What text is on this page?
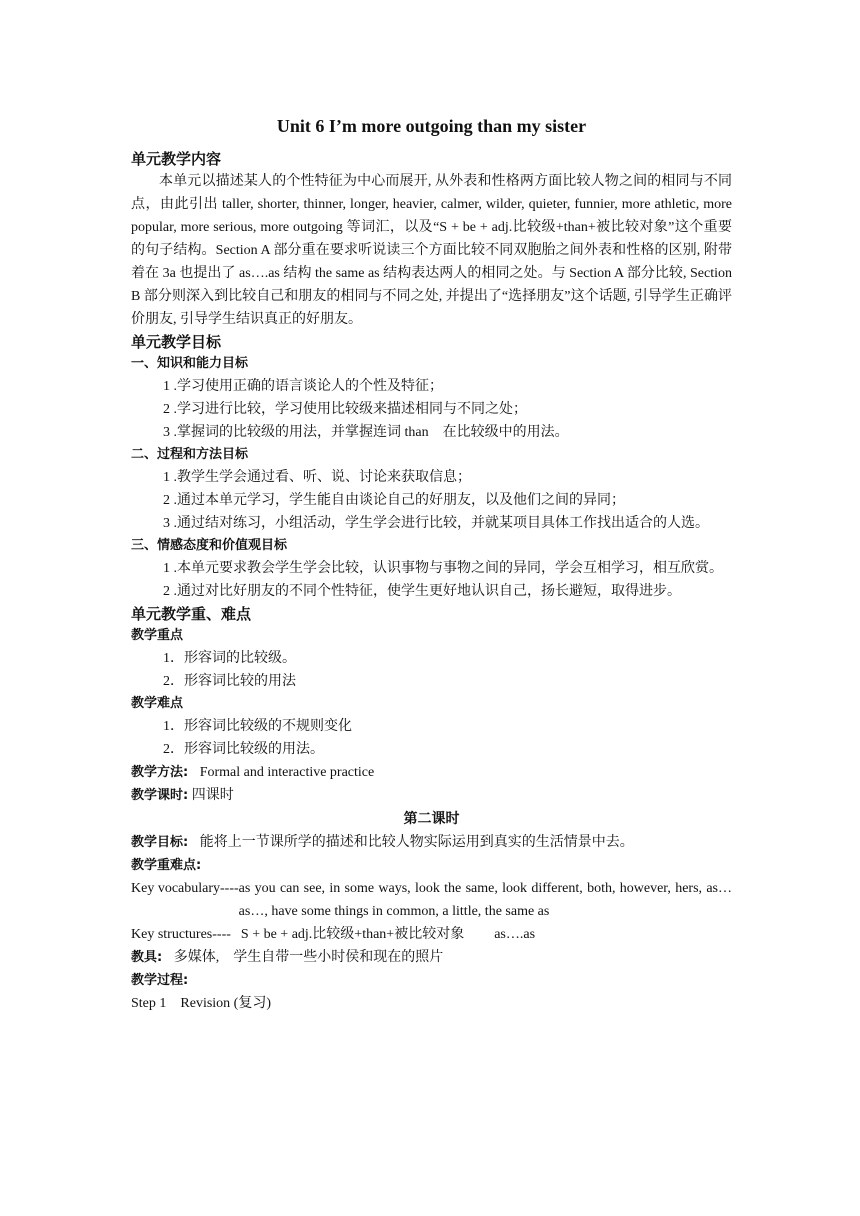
Unit 6 I’m more outgoing than my sister
单元教学内容

本单元以描述某人的个性特征为中心而展开, 从外表和性格两方面比较人物之间的相同与不同点，由此引出 taller, shorter, thinner, longer, heavier, calmer, wilder, quieter, funnier, more athletic, more popular, more serious, more outgoing 等词汇，以及“S + be + adj.比较级+than+被比较对象”这个重要的句子结构。Section A 部分重在要求听说读三个方面比较不同双胞胎之间外表和性格的区别, 附带着在 3a 也提出了 as….as 结构 the same as 结构表达两人的相同之处。与 Section A 部分比较, Section B 部分则深入到比较自己和朋友的相同与不同之处, 并提出了“选择朋友”这个话题, 引导学生正确评价朋友, 引导学生结识真正的好朋友。

单元教学目标
一、知识和能力目标

1 .学习使用正确的语言谈论人的个性及特征；

2 .学习进行比较，学习使用比较级来描述相同与不同之处；

3 .掌握词的比较级的用法，并掌握连词 than　在比较级中的用法。

二、过程和方法目标

1 .教学生学会通过看、听、说、讨论来获取信息；

2 .通过本单元学习，学生能自由谈论自己的好朋友，以及他们之间的异同；

3 .通过结对练习，小组活动，学生学会进行比较，并就某项目具体工作找出适合的人选。

三、情感态度和价值观目标

1 .本单元要求教会学生学会比较，认识事物与事物之间的异同，学会互相学习，相互欣赏。

2 .通过对比好朋友的不同个性特征，使学生更好地认识自己，扬长避短，取得进步。

单元教学重、难点
教学重点

1．形容词的比较级。

2．形容词比较的用法

教学难点

1．形容词比较级的不规则变化

2．形容词比较级的用法。

教学方法: Formal and interactive practice

教学课时: 四课时

第二课时

教学目标: 能将上一节课所学的描述和比较人物实际运用到真实的生活情景中去。

教学重难点:

Key vocabulary---- as you can see, in some ways, look the same, look different, both, however, hers, as… as…, have some things in common, a little, the same as
Key structures---- S + be + adj.比较级+than+被比较对象 as….as

教具: 多媒体,　学生自带一些小时侯和现在的照片

教学过程:

Step 1　Revision (复习)
